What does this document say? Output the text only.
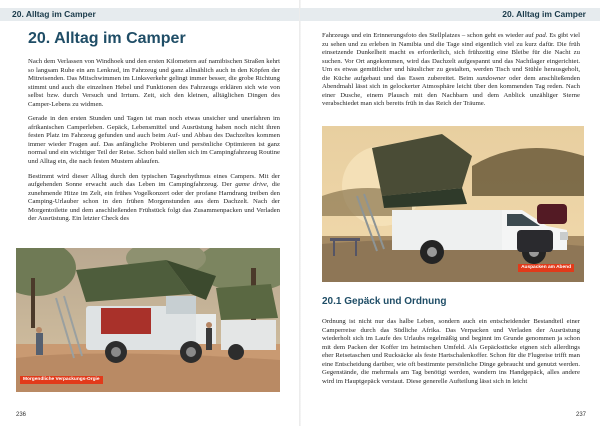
20. Alltag im Camper
20. Alltag im Camper

Nach dem Verlassen von Windhoek und den ersten Kilometern auf namibischen Straßen kehrt so langsam Ruhe ein am Lenkrad, im Fahrzeug und ganz allmählich auch in den Köpfen der Mitreisenden. Das Mitschwimmen im Linksverkehr gelingt immer besser, die grobe Richtung stimmt und auch die einzelnen Hebel und Funktionen des Fahrzeugs erklären sich wie von selbst bzw. durch Versuch und Irrtum. Zeit, sich den kleinen, alltäglichen Dingen des Camper-Lebens zu widmen.

Gerade in den ersten Stunden und Tagen ist man noch etwas unsicher und unerfahren im afrikanischen Camperleben. Gepäck, Lebensmittel und Ausrüstung haben noch nicht ihren festen Platz im Fahrzeug gefunden und auch beim Auf- und Abbau des Dachzeltes kommen immer wieder Fragen auf. Das anfängliche Probieren und persönliche Optimieren ist ganz normal und ein wichtiger Teil der Reise. Schon bald stellen sich im Campingfahrzeug Routine und Alltag ein, die nach festen Mustern ablaufen.

Bestimmt wird dieser Alltag durch den typischen Tagesrhythmus eines Campers. Mit der aufgehenden Sonne erwacht auch das Leben im Campingfahrzeug. Der game drive, die zunehmende Hitze im Zelt, ein frühes Vogelkonzert oder der profane Harndrang treiben den Camping-Urlauber schon in den frühen Morgenstunden aus dem Dachzelt. Nach der Morgentoilette und dem anschließenden Frühstück folgt das Zusammenpacken und Verladen der Ausrüstung. Ein letzter Check des

Morgendliche Verpackungs-Orgie
236
20. Alltag im Camper

Fahrzeugs und ein Erinnerungsfoto des Stellplatzes – schon geht es wieder auf pad. Es gibt viel zu sehen und zu erleben in Namibia und die Tage sind eigentlich viel zu kurz dafür. Die früh einsetzende Dunkelheit macht es erforderlich, sich frühzeitig eine Bleibe für die Nacht zu suchen. Vor Ort angekommen, wird das Dachzelt aufgespannt und das Nachtlager eingerichtet. Um es etwas gemütlicher und häuslicher zu gestalten, werden Tisch und Stühle herausgeholt, die Küche aufgebaut und das Essen zubereitet. Beim sundowner oder dem anschließenden Abendmahl lässt sich in gelockerter Atmosphäre leicht über den kommenden Tag reden. Nach einer Dusche, einem Plausch mit den Nachbarn und dem Anblick unzähliger Sterne verabschiedet man sich bereits früh in das Reich der Träume.

Auspacken am Abend
20.1 Gepäck und Ordnung

Ordnung ist nicht nur das halbe Leben, sondern auch ein entscheidender Bestandteil einer Camperreise durch das Südliche Afrika. Das Verpacken und Verladen der Ausrüstung wiederholt sich im Laufe des Urlaubs regelmäßig und beginnt im Grunde genommen ja schon mit dem Packen der Koffer im heimischen Umfeld. Als Gepäckstücke eignen sich allerdings eher Reisetaschen und Rucksäcke als feste Hartschalenkoffer. Schon für die Flugreise trifft man eine Entscheidung darüber, wie oft bestimmte persönliche Dinge gebraucht und genutzt werden. Gegenstände, die mehrmals am Tag benötigt werden, wandern ins Handgepäck, alles andere wird im Hauptgepäck verstaut. Diese generelle Aufteilung lässt sich in leicht

237
